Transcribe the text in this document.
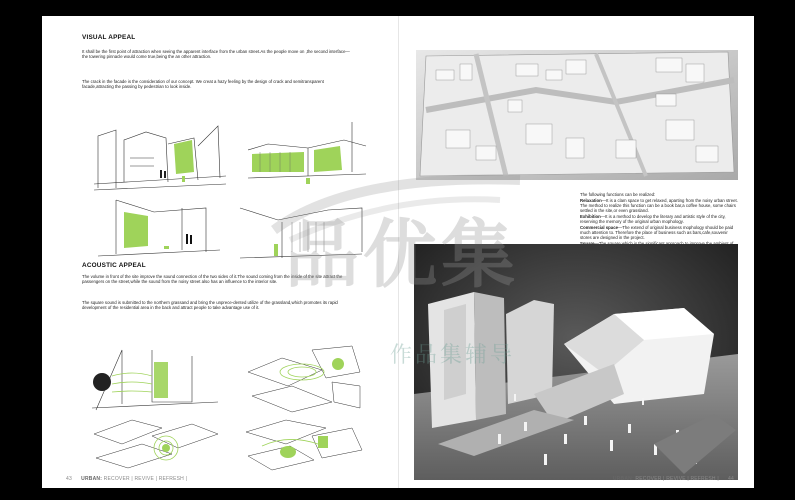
VISUAL APPEAL
It shall be the first point of attraction when seeing the apparent interface from the urban street.As the people move on ,the second interface—the towering pinnacle would come true,being the an other attraction.
The crack in the facade is the consideration of our concept. We creat a hazy feeling by the design of crack and semitransparent facade,attracting the passing by pedestrian to look inside.
ACOUSTIC APPEAL
The volume in front of the site improve the sound connection of the two sides of it.The sound coming from the inside of the site attract the passengers on the street,while the sound from the noisy street also has an influence to the interior site.
The square sound is submitted to the northern grassand and bring the unprece-dented utilize of the grassland,which promotes its rapid development of the residential area in the back and attract people to take advantage use of it.
43 URBAN: RECOVER | REVIVE | REFRESH |
The following functions can be realized:
Relaxation—It is a clam space to get relaxed, aparting from the noisy urban street. The method to realize this function can be a book bar,a coffee house, some chairs settled in the site,or even grassland.
Exhibition—It is a method to develop the literary and artistic style of the city, reserving the memory of the original urban mophology.
Commercial space—The extend of original business mophology should be paid much attention to. Therefore the place of business such as bars,cafe,souvenir stores are designed in the project.
URBAN: RECOVER | REVIVE | REFRESH | 44
品优集
作品集辅导
